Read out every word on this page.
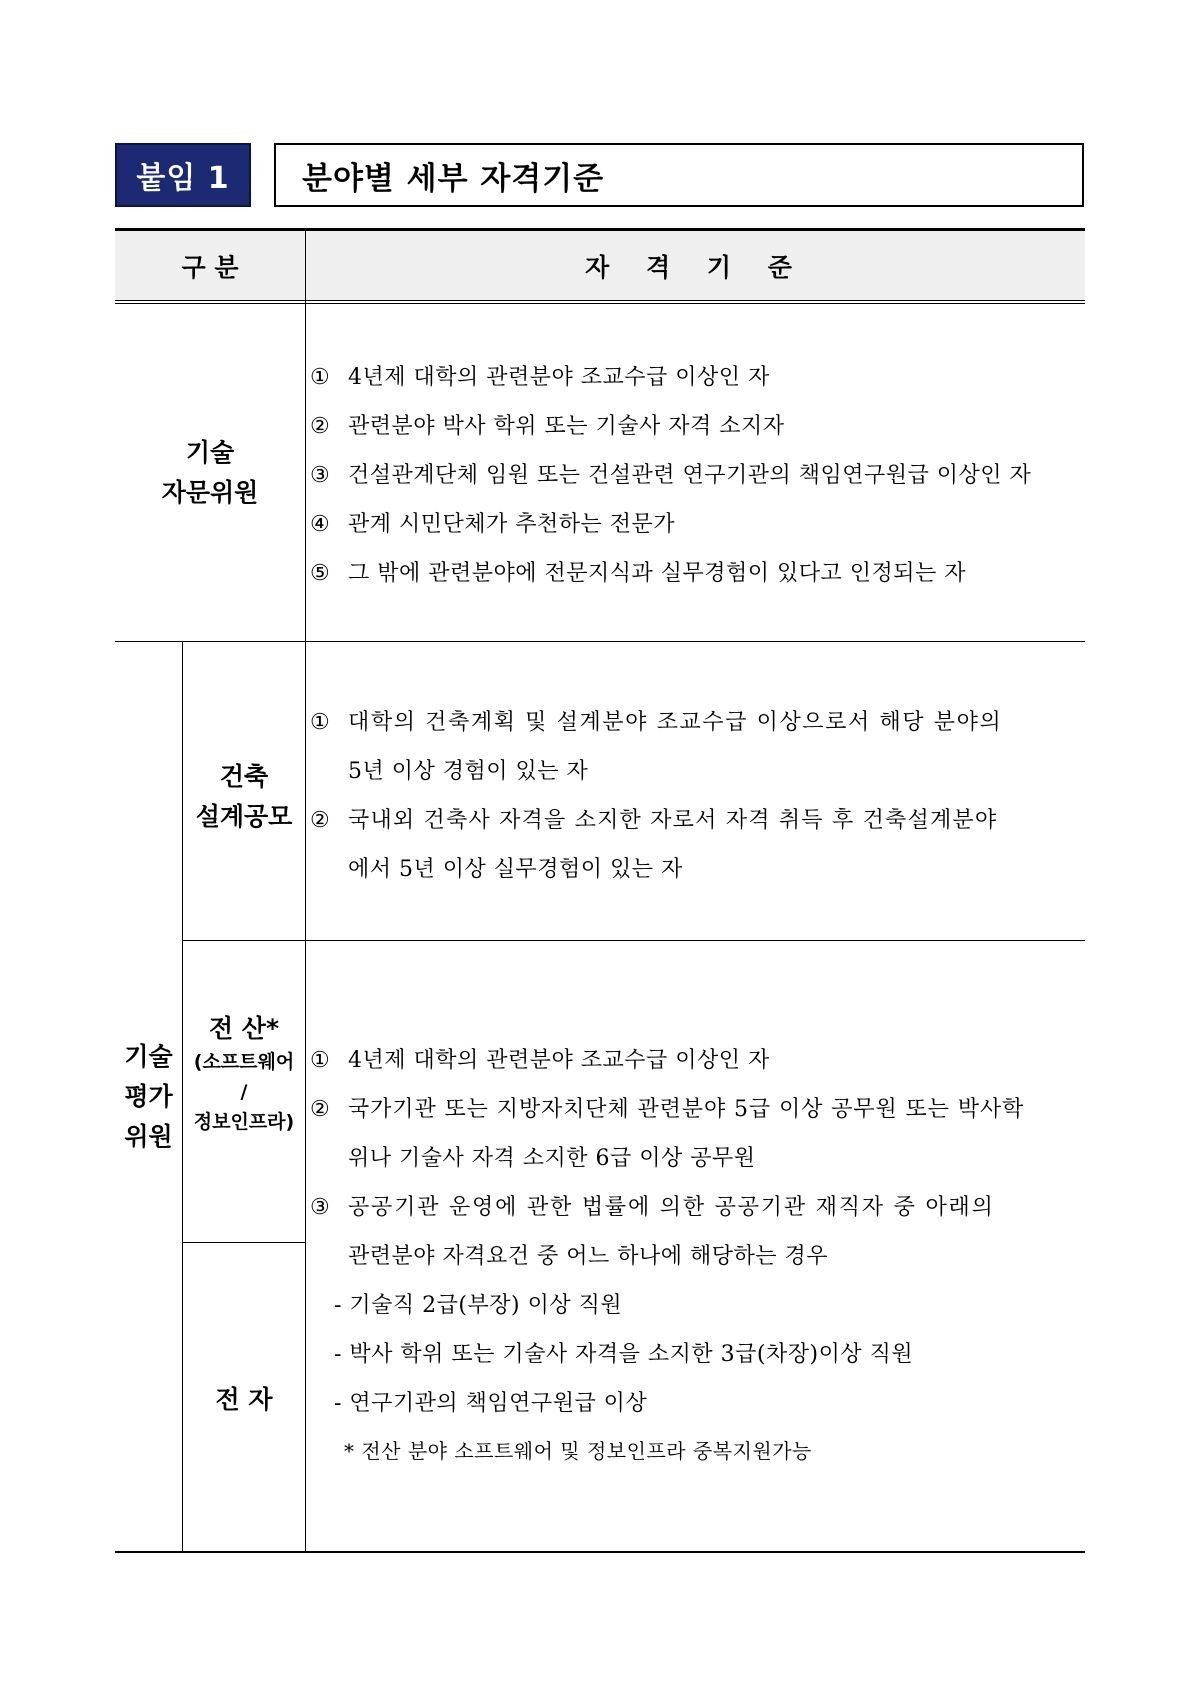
붙임 1 분야별 세부 자격기준
구 분	자 격 기 준
기술
자문위원
① 4년제 대학의 관련분야 조교수급 이상인 자
② 관련분야 박사 학위 또는 기술사 자격 소지자
③ 건설관계단체 임원 또는 건설관련 연구기관의 책임연구원급 이상인 자
④ 관계 시민단체가 추천하는 전문가
⑤ 그 밖에 관련분야에 전문지식과 실무경험이 있다고 인정되는 자
기술
평가
위원
건축
설계공모
① 대학의 건축계획 및 설계분야 조교수급 이상으로서 해당 분야의
5년 이상 경험이 있는 자
② 국내외 건축사 자격을 소지한 자로서 자격 취득 후 건축설계분야
에서 5년 이상 실무경험이 있는 자
전 산*
(소프트웨어
/
정보인프라)
전 자
① 4년제 대학의 관련분야 조교수급 이상인 자
② 국가기관 또는 지방자치단체 관련분야 5급 이상 공무원 또는 박사학
위나 기술사 자격 소지한 6급 이상 공무원
③ 공공기관 운영에 관한 법률에 의한 공공기관 재직자 중 아래의
관련분야 자격요건 중 어느 하나에 해당하는 경우
- 기술직 2급(부장) 이상 직원
- 박사 학위 또는 기술사 자격을 소지한 3급(차장)이상 직원
- 연구기관의 책임연구원급 이상
* 전산 분야 소프트웨어 및 정보인프라 중복지원가능
